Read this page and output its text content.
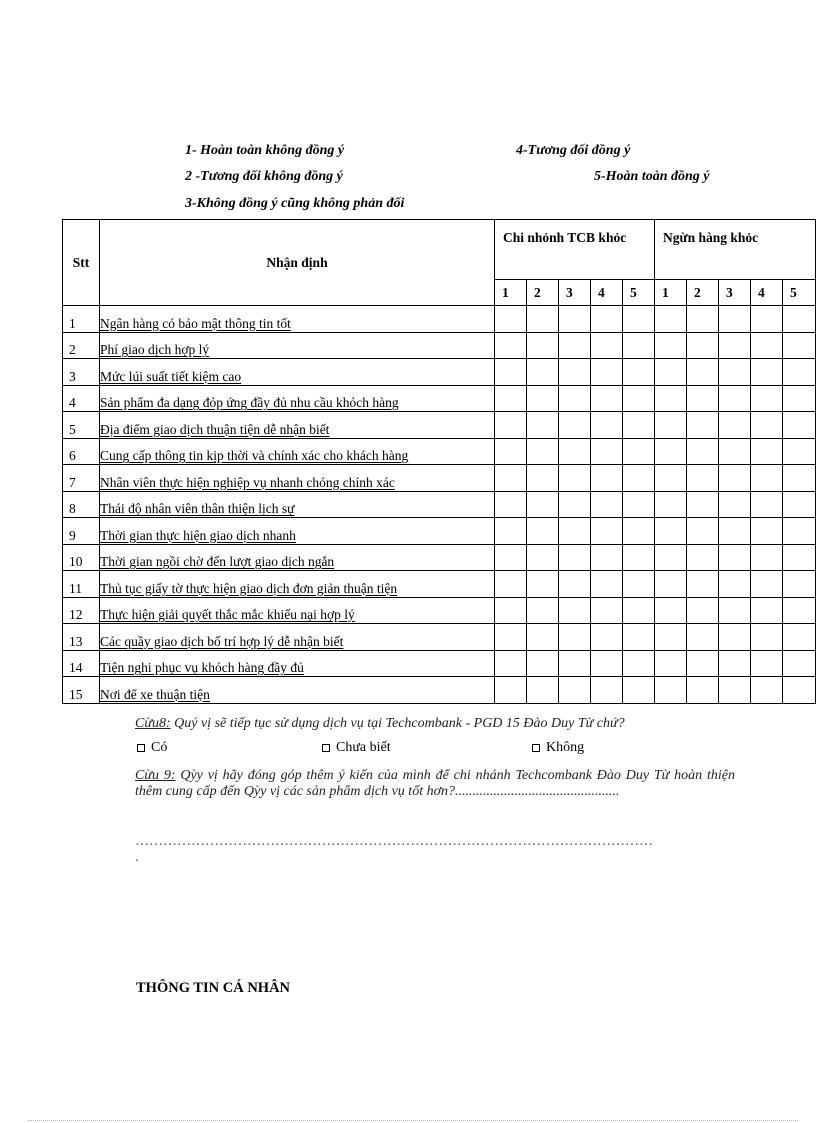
1- Hoàn toàn không đồng ý	4-Tương đối đồng ý
2 -Tương đối không đồng ý	5-Hoàn toàn đồng ý
3-Không đồng ý cũng không phản đối
Stt	Nhận định	Chi nhỏnh TCB khỏc					Ngừn hàng khỏc				
		1	2	3	4	5	1	2	3	4	5
1	Ngân hàng có bảo mật thông tin tốt										
2	Phí giao dịch hợp lý										
3	Mức lúi suất tiết kiệm cao										
4	Sản phẩm đa dạng đỏp ứng đầy đủ nhu cầu khỏch hàng										
5	Địa điểm giao dịch thuận tiện dễ nhận biết										
6	Cung cấp thông tin kịp thời và chính xác cho khách hàng										
7	Nhân viên thực hiện nghiệp vụ nhanh chóng chính xác										
8	Thái độ nhân viên thân thiện lịch sự										
9	Thời gian thực hiện giao dịch nhanh										
10	Thời gian ngồi chờ đến lượt giao dịch ngắn										
11	Thủ tục giấy tờ thực hiện giao dịch đơn giản thuận tiện										
12	Thực hiện giải quyết thắc mắc khiếu nại hợp lý										
13	Các quầy giao dịch bố trí hợp lý dễ nhận biết										
14	Tiện nghi phục vụ khỏch hàng đầy đủ										
15	Nơi để xe thuận tiện										
Cừu8: Quý vị sẽ tiếp tục sử dụng dịch vụ tại Techcombank - PGD 15 Đào Duy Từ chứ?
Có	Chưa biết	Không
Cừu 9: Qỳy vị hãy đóng góp thêm ý kiến của mình để chi nhánh Techcombank Đào Duy Từ hoàn thiện thêm cung cấp đến Qỳy vị các sản phẩm dịch vụ tốt hơn?...............................................
…………………………………………………………………………………………………
.
THÔNG TIN CÁ NHÂN
